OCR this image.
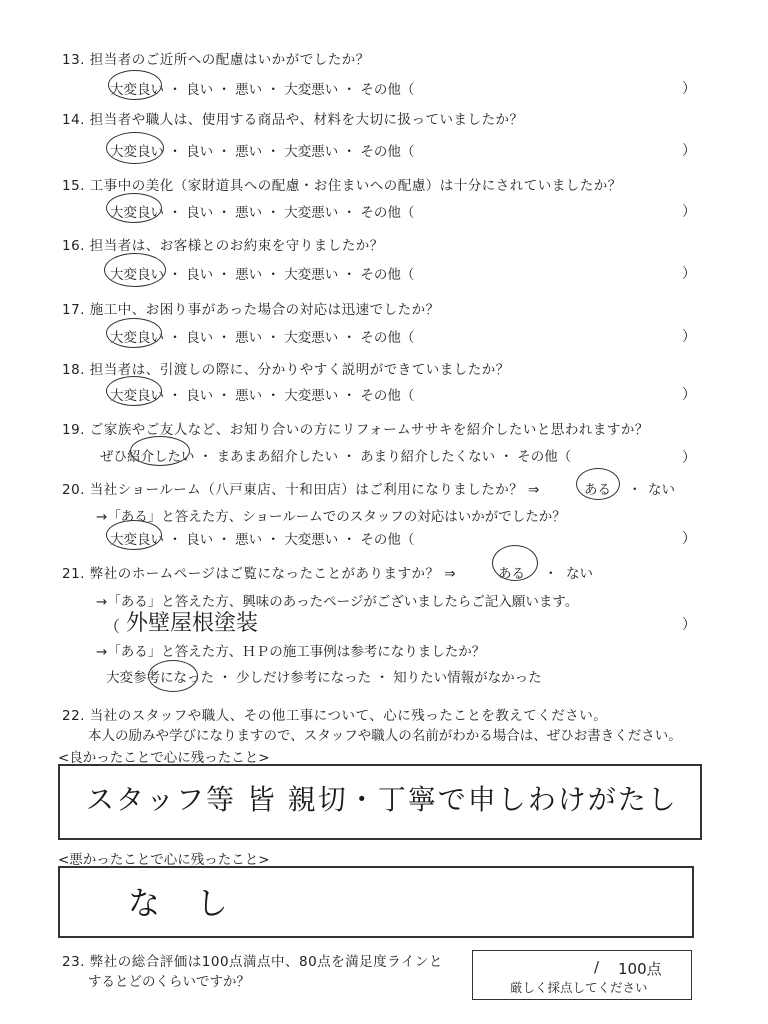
13. 担当者のご近所への配慮はいかがでしたか？
大変良い ・ 良い ・ 悪い ・ 大変悪い ・ その他（	）
14. 担当者や職人は、使用する商品や、材料を大切に扱っていましたか？
大変良い ・ 良い ・ 悪い ・ 大変悪い ・ その他（	）
15. 工事中の美化（家財道具への配慮・お住まいへの配慮）は十分にされていましたか？
大変良い ・ 良い ・ 悪い ・ 大変悪い ・ その他（	）
16. 担当者は、お客様とのお約束を守りましたか？
大変良い ・ 良い ・ 悪い ・ 大変悪い ・ その他（	）
17. 施工中、お困り事があった場合の対応は迅速でしたか？
大変良い ・ 良い ・ 悪い ・ 大変悪い ・ その他（	）
18. 担当者は、引渡しの際に、分かりやすく説明ができていましたか？
大変良い ・ 良い ・ 悪い ・ 大変悪い ・ その他（	）
19. ご家族やご友人など、お知り合いの方にリフォームササキを紹介したいと思われますか？
ぜひ紹介したい ・ まあまあ紹介したい ・ あまり紹介したくない ・ その他（	）
20. 当社ショールーム（八戸東店、十和田店）はご利用になりましたか？ ⇒	ある ・ ない
→「ある」と答えた方、ショールームでのスタッフの対応はいかがでしたか？
大変良い ・ 良い ・ 悪い ・ 大変悪い ・ その他（	）
21. 弊社のホームページはご覧になったことがありますか？ ⇒	ある ・ ない
→「ある」と答えた方、興味のあったページがございましたらご記入願います。
（ 外壁屋根塗装	）
→「ある」と答えた方、ＨＰの施工事例は参考になりましたか？
大変参考になった ・ 少しだけ参考になった ・ 知りたい情報がなかった
22. 当社のスタッフや職人、その他工事について、心に残ったことを教えてください。
本人の励みや学びになりますので、スタッフや職人の名前がわかる場合は、ぜひお書きください。
<良かったことで心に残ったこと>
スタッフ等 皆 親切・丁寧で申しわけがたし
<悪かったことで心に残ったこと>
なし
23. 弊社の総合評価は100点満点中、80点を満足度ラインと
するとどのくらいですか？
/ 100点
厳しく採点してください
